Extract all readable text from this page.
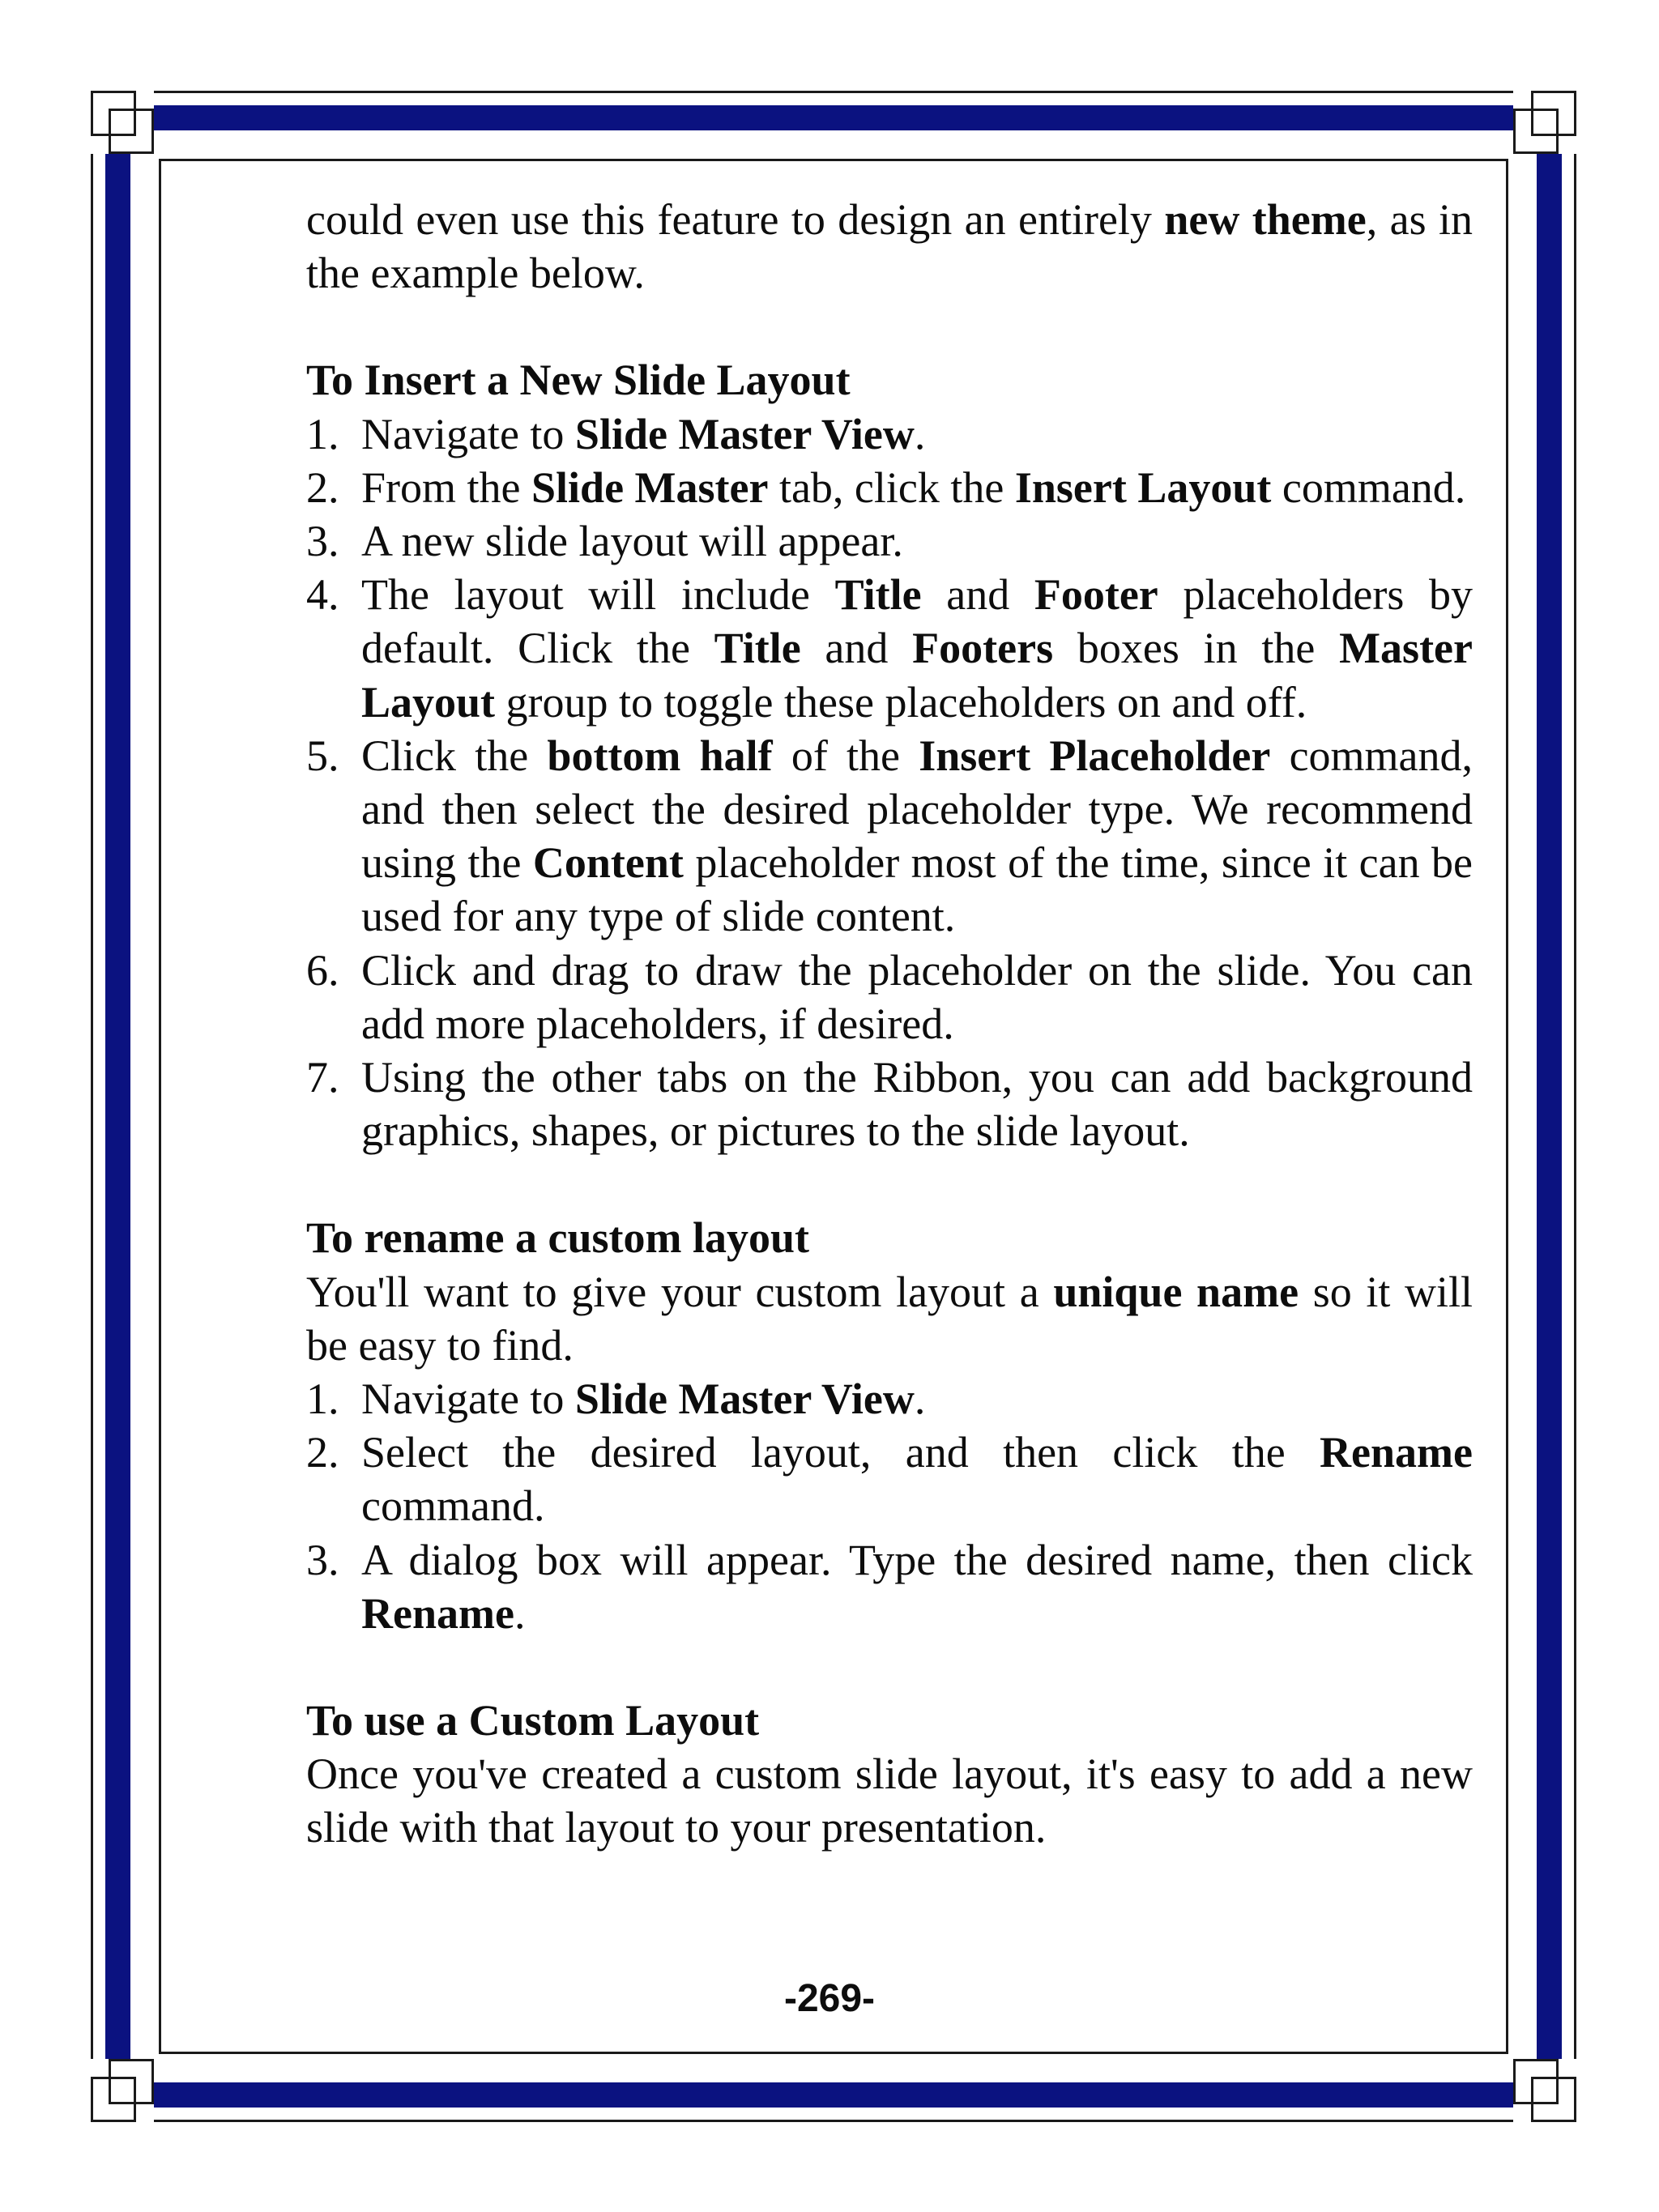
could even use this feature to design an entirely new theme, as in the example below.

To Insert a New Slide Layout
1. Navigate to Slide Master View.
2. From the Slide Master tab, click the Insert Layout command.
3. A new slide layout will appear.
4. The layout will include Title and Footer placeholders by default. Click the Title and Footers boxes in the Master Layout group to toggle these placeholders on and off.
5. Click the bottom half of the Insert Placeholder command, and then select the desired placeholder type. We recommend using the Content placeholder most of the time, since it can be used for any type of slide content.
6. Click and drag to draw the placeholder on the slide. You can add more placeholders, if desired.
7. Using the other tabs on the Ribbon, you can add background graphics, shapes, or pictures to the slide layout.
To rename a custom layout

You'll want to give your custom layout a unique name so it will be easy to find.

1. Navigate to Slide Master View.
2. Select the desired layout, and then click the Rename command.
3. A dialog box will appear. Type the desired name, then click Rename.
To use a Custom Layout

Once you've created a custom slide layout, it's easy to add a new slide with that layout to your presentation.

-269-
